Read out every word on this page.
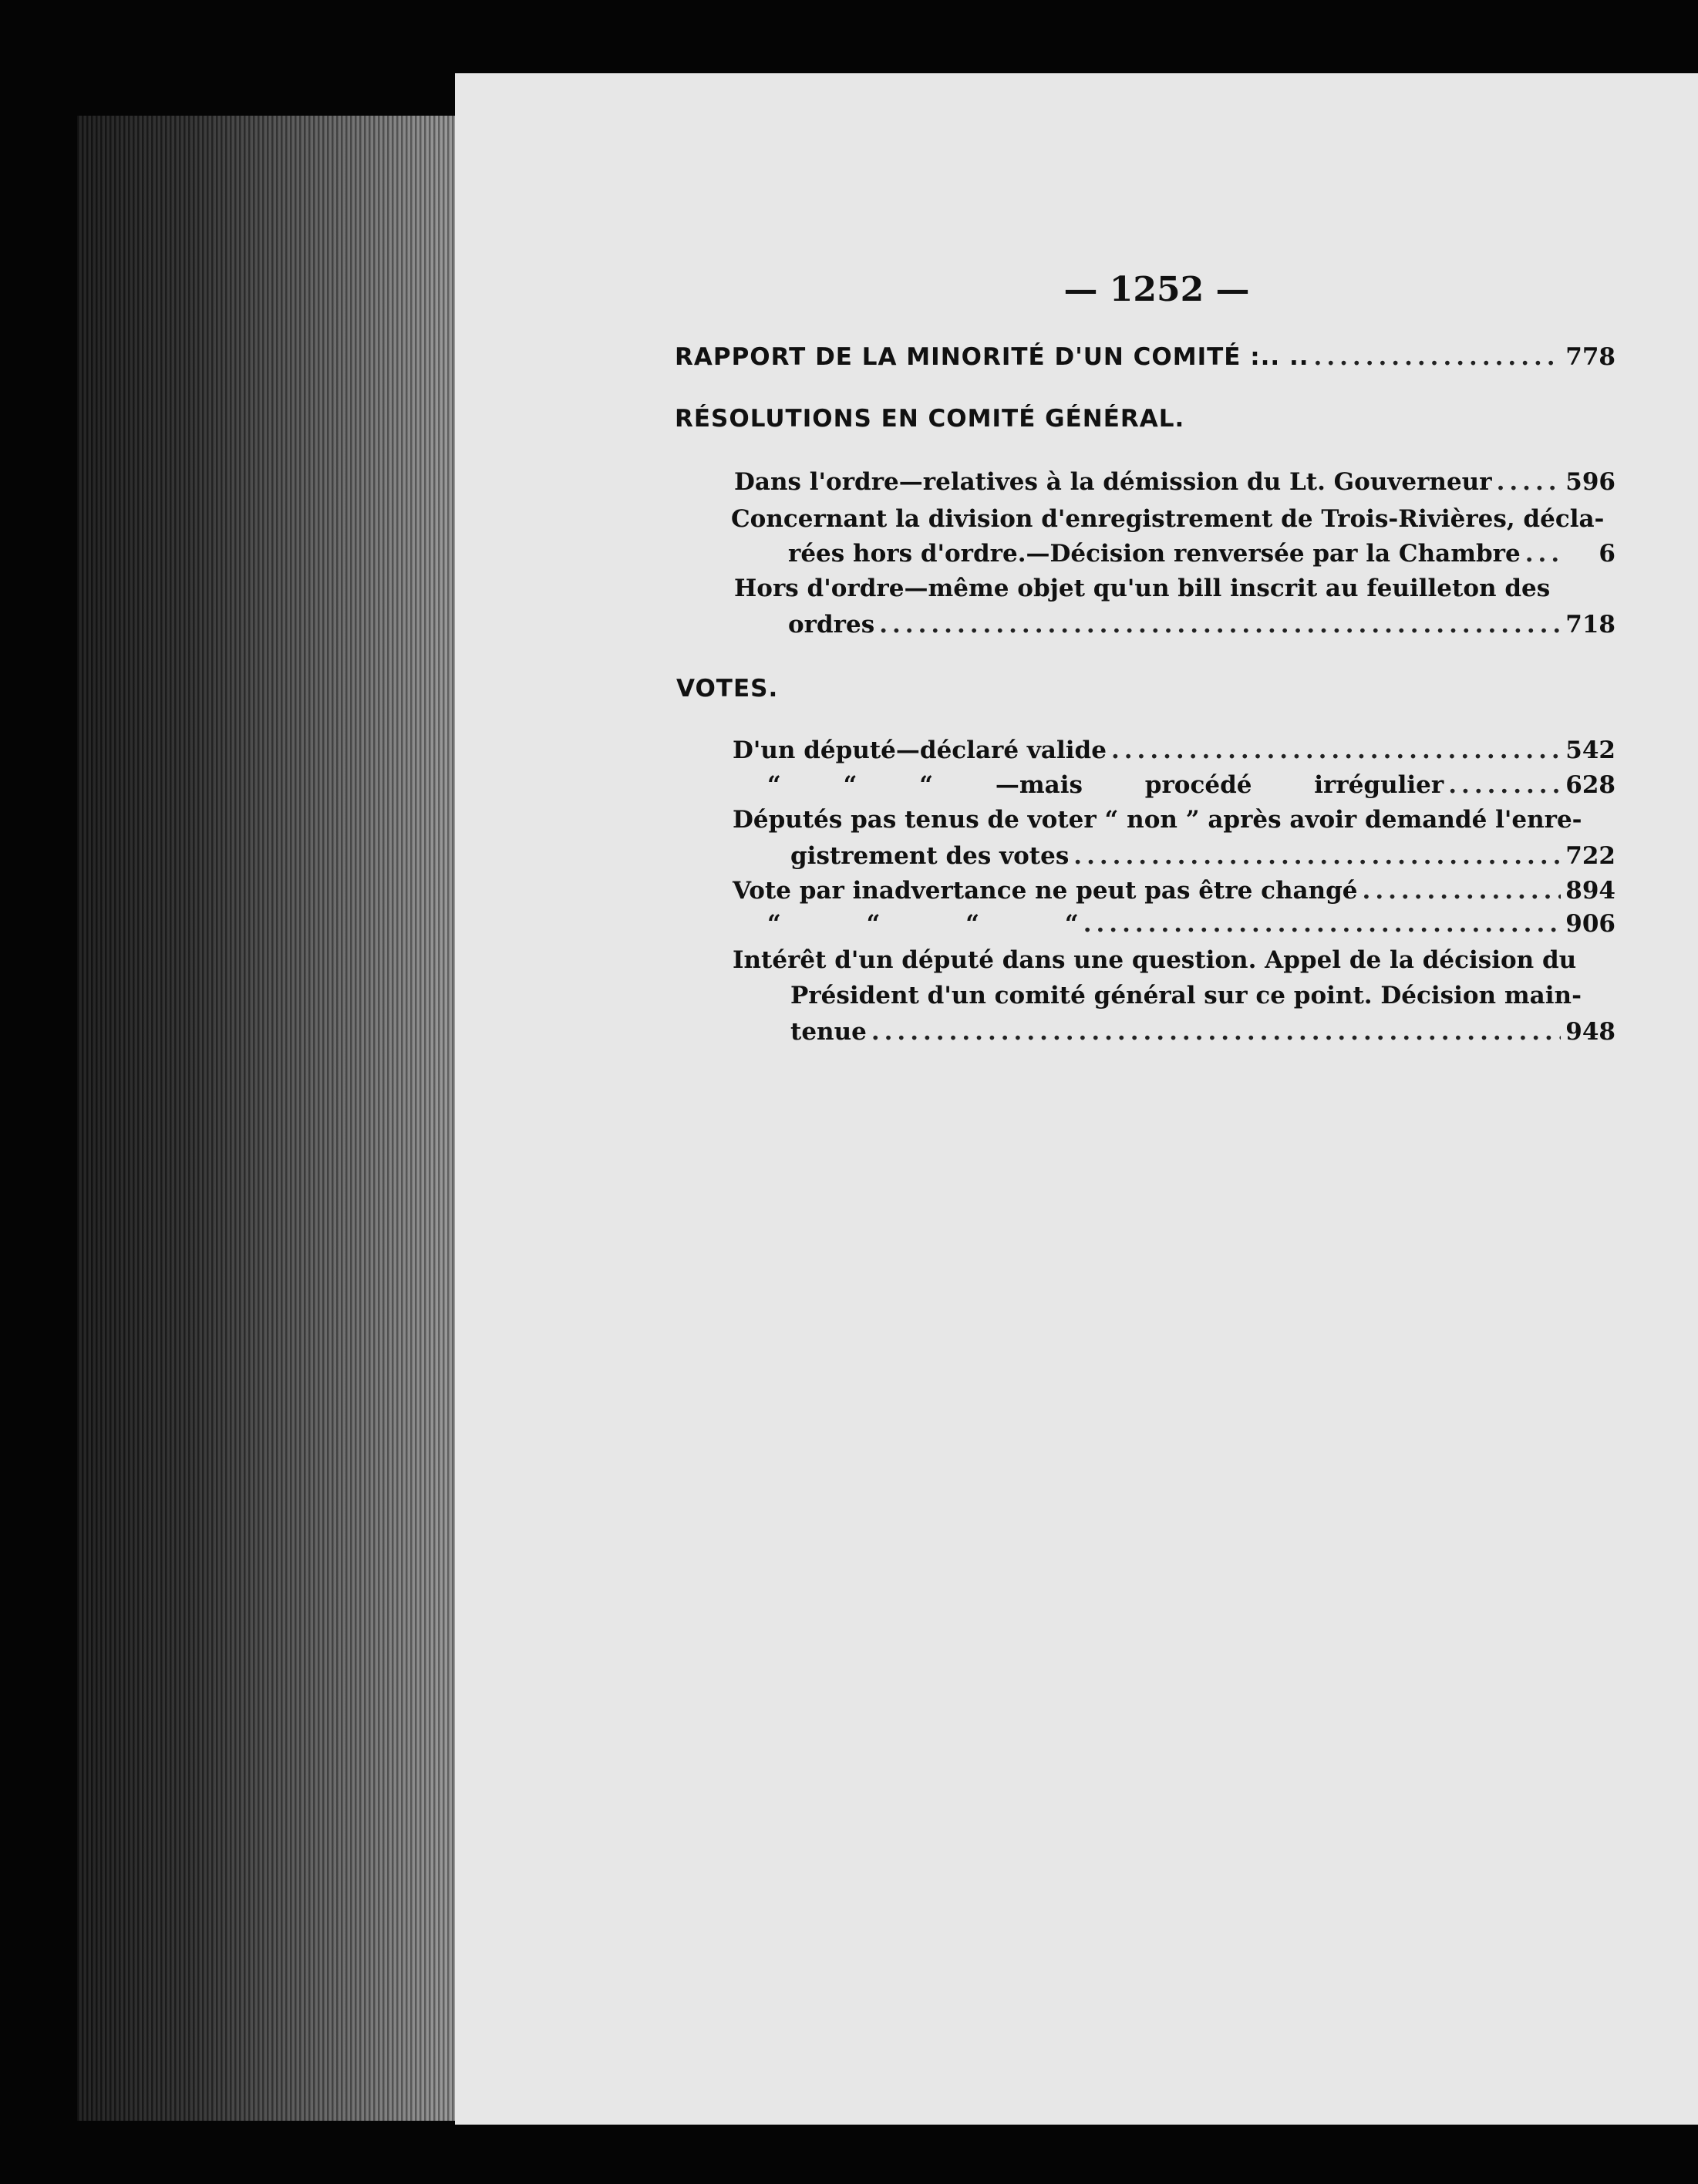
— 1252 —
RAPPORT DE LA MINORITÉ D'UN COMITÉ :.. .. .....	778
RÉSOLUTIONS EN COMITÉ GÉNÉRAL.
Dans l'ordre—relatives à la démission du Lt. Gouverneur .....	596
Concernant la division d'enregistrement de Trois-Rivières, décla-
rées hors d'ordre.—Décision renversée par la Chambre .....	6
Hors d'ordre—même objet qu'un bill inscrit au feuilleton des
ordres .....	718
VOTES.
D'un député—déclaré valide .....	542
“ “ “ —mais procédé irrégulier .....	628
Députés pas tenus de voter “ non ” après avoir demandé l'enre-
gistrement des votes .....	722
Vote par inadvertance ne peut pas être changé .....	894
“ “ “ “ .....	906
Intérêt d'un député dans une question. Appel de la décision du
Président d'un comité général sur ce point. Décision main-
tenue .....	948
